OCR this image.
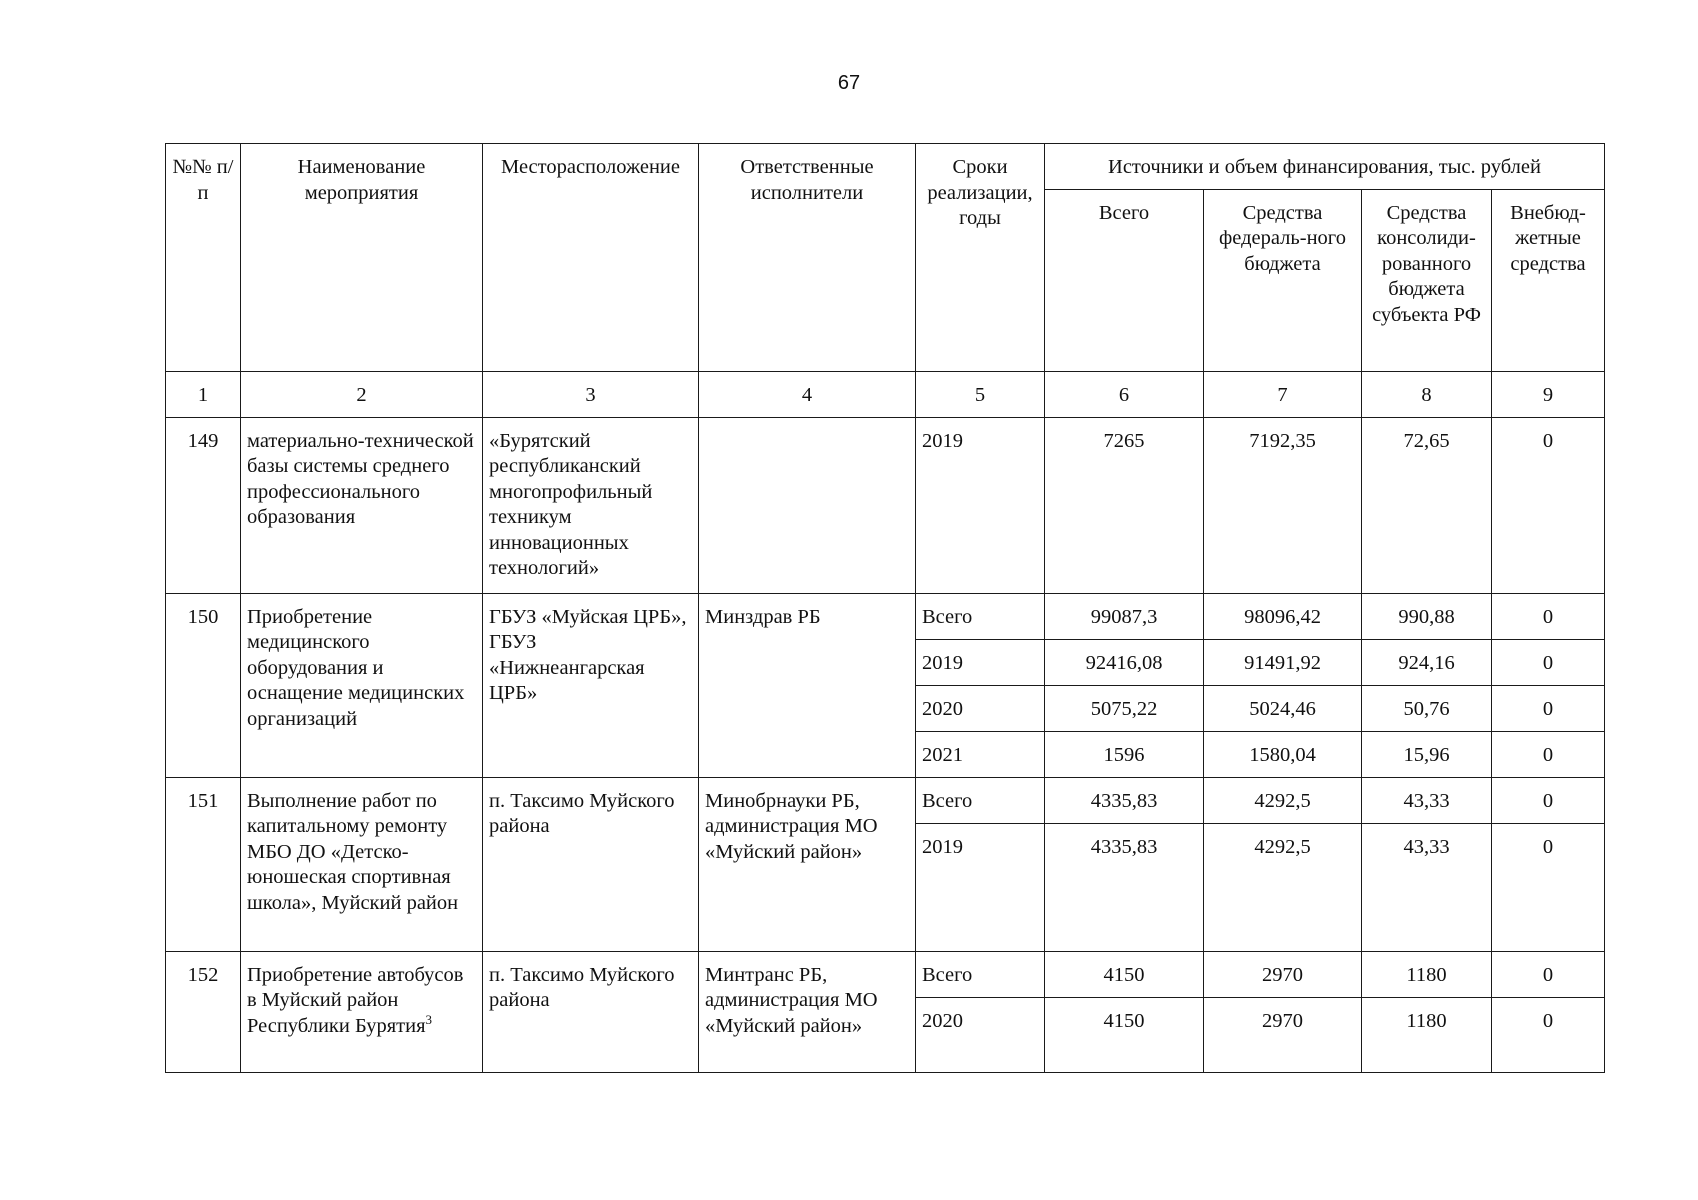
67
№№ п/п	Наименование мероприятия	Месторасположение	Ответственные исполнители	Сроки реализации, годы	Источники и объем финансирования, тыс. рублей			
					Всего	Средства федераль-ного бюджета	Средства консолиди-рованного бюджета субъекта РФ	Внебюд-жетные средства
1	2	3	4	5	6	7	8	9
149	материально-технической базы системы среднего профессионального образования	«Бурятский республиканский многопрофильный техникум инновационных технологий»		2019	7265	7192,35	72,65	0
150	Приобретение медицинского оборудования и оснащение медицинских организаций	ГБУЗ «Муйская ЦРБ», ГБУЗ «Нижнеангарская ЦРБ»	Минздрав РБ	Всего	99087,3	98096,42	990,88	0
				2019	92416,08	91491,92	924,16	0
				2020	5075,22	5024,46	50,76	0
				2021	1596	1580,04	15,96	0
151	Выполнение работ по капитальному ремонту МБО ДО «Детско-юношеская спортивная школа», Муйский район	п. Таксимо Муйского района	Минобрнауки РБ, администрация МО «Муйский район»	Всего	4335,83	4292,5	43,33	0
				2019	4335,83	4292,5	43,33	0
152	Приобретение автобусов в Муйский район Республики Бурятия$^3$	п. Таксимо Муйского района	Минтранс РБ, администрация МО «Муйский район»	Всего	4150	2970	1180	0
				2020	4150	2970	1180	0
